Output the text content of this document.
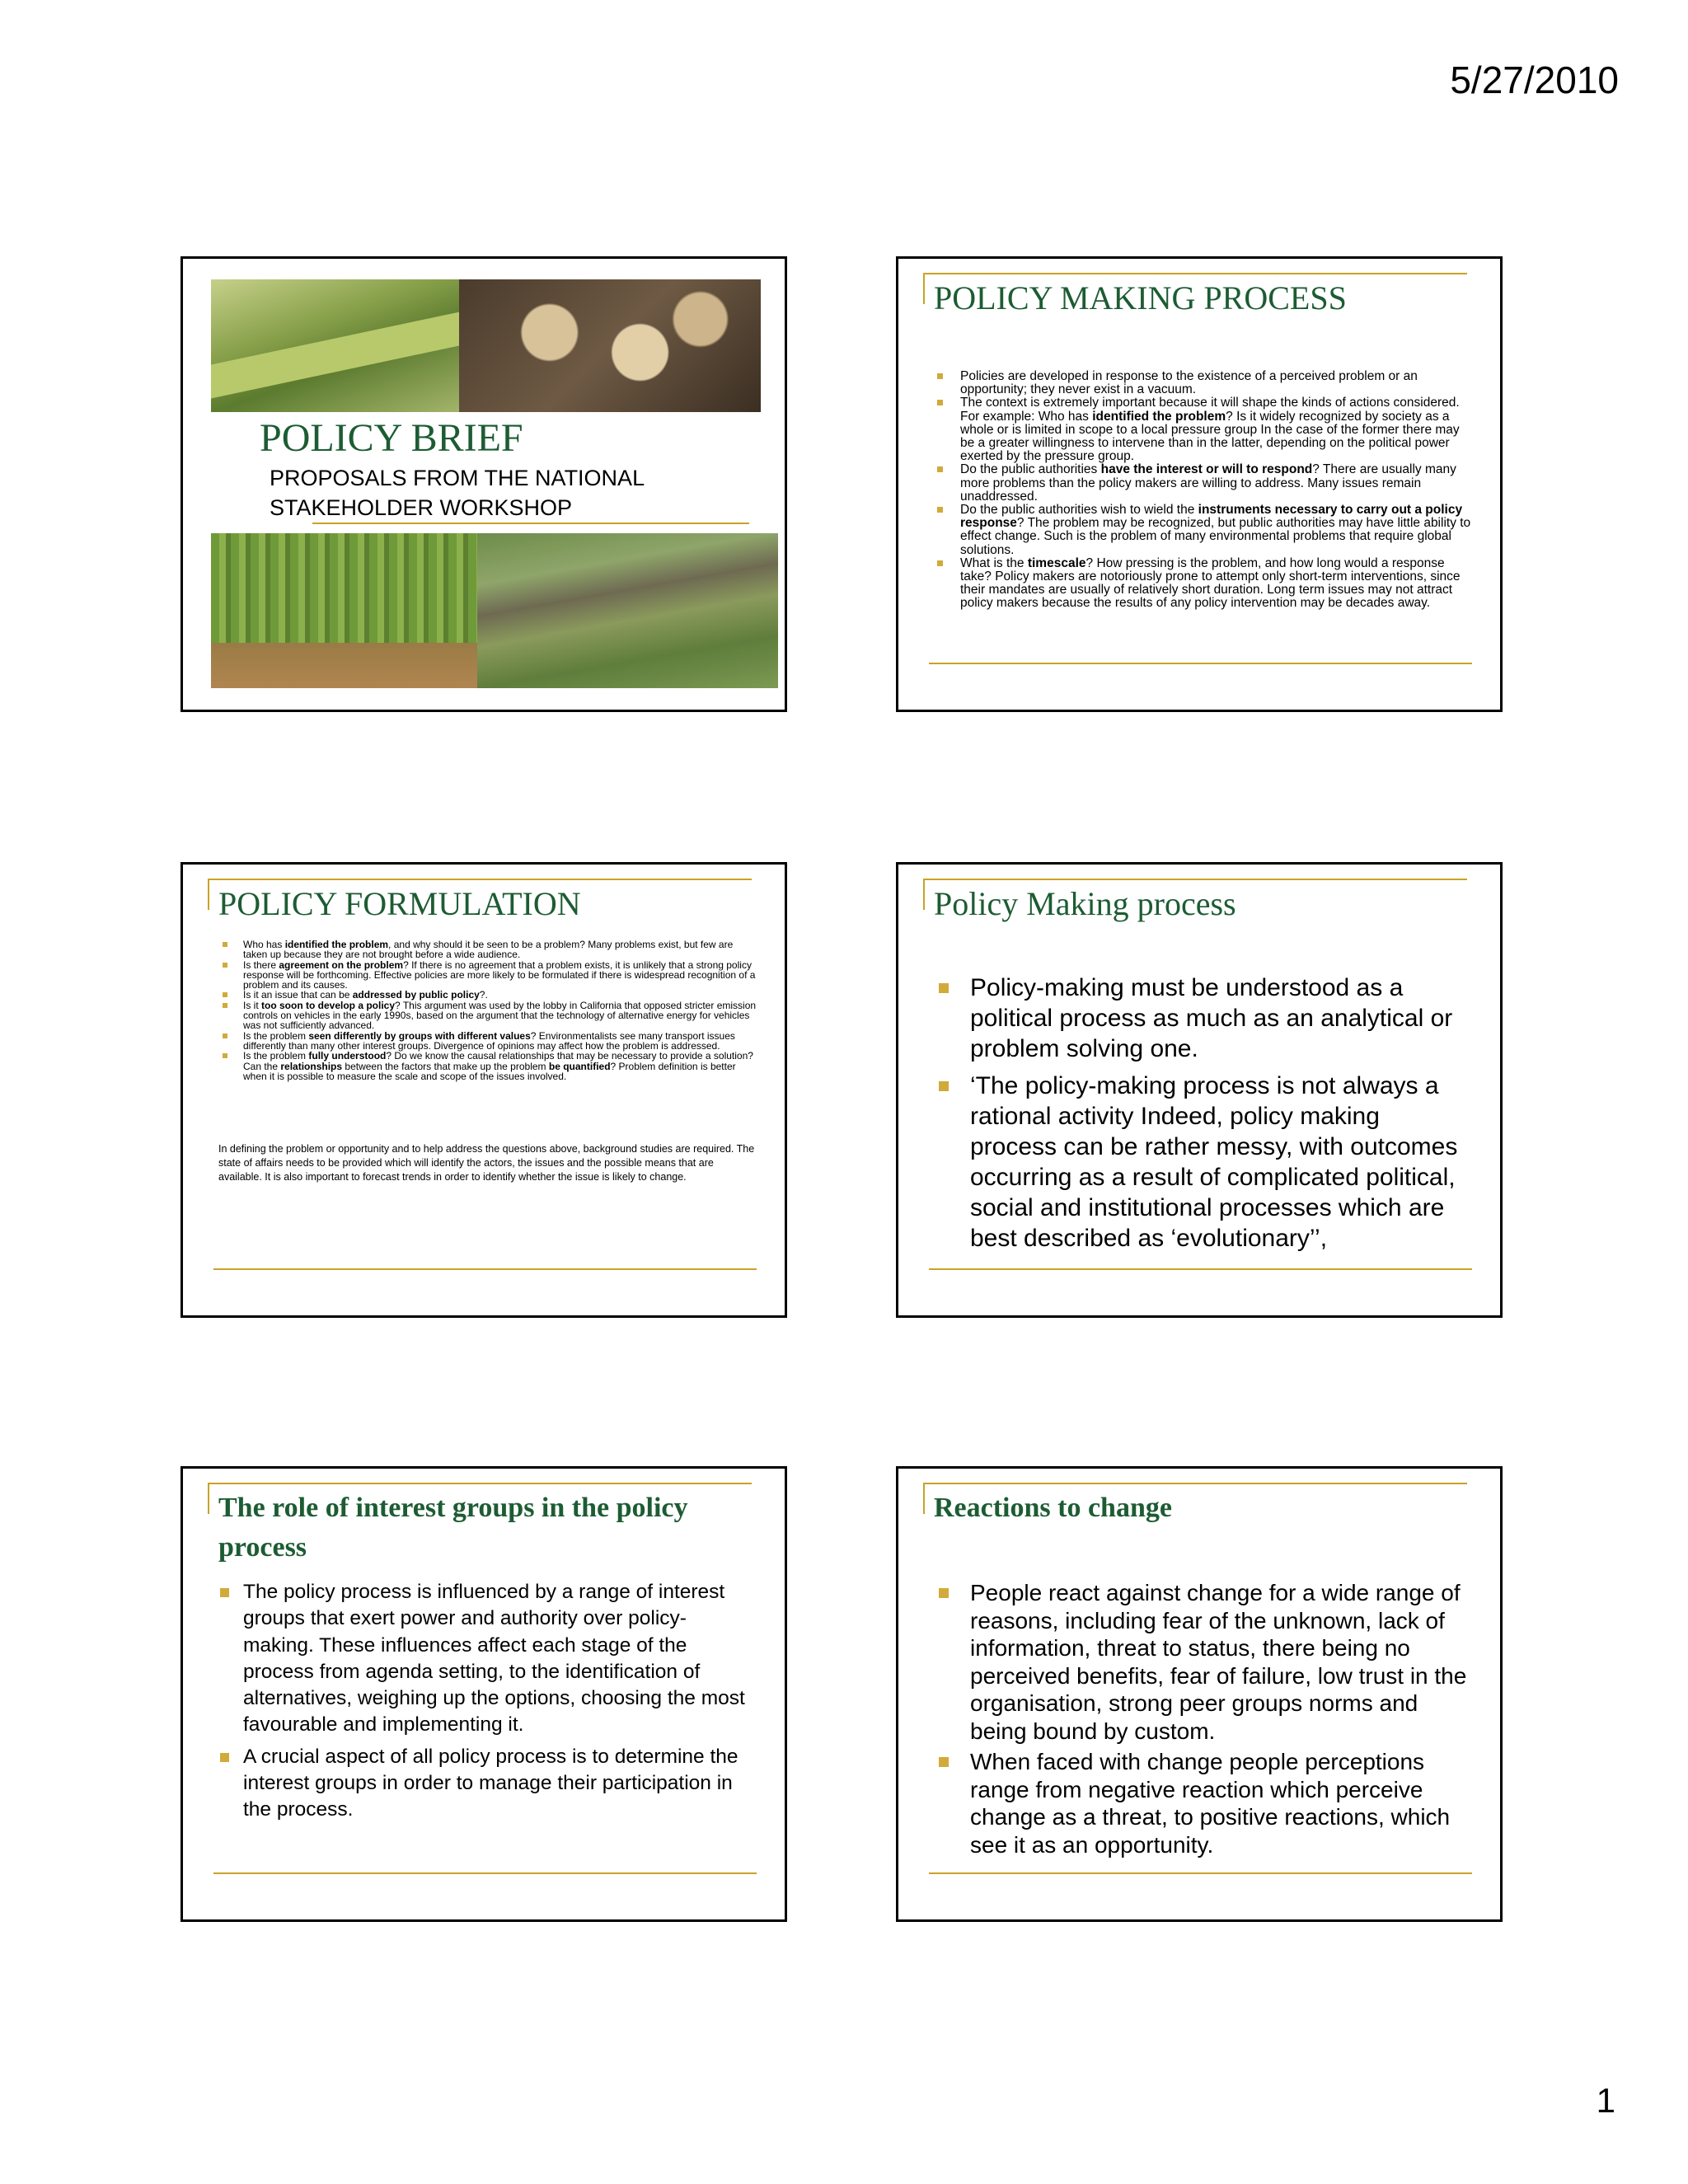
5/27/2010
POLICY BRIEF
PROPOSALS FROM THE NATIONAL
STAKEHOLDER WORKSHOP
POLICY MAKING PROCESS
Policies are developed in response to the existence of a perceived problem or an opportunity; they never exist in a vacuum.
The context is extremely important because it will shape the kinds of actions considered. For example: Who has identified the problem? Is it widely recognized by society as a whole or is limited in scope to a local pressure group In the case of the former there may be a greater willingness to intervene than in the latter, depending on the political power exerted by the pressure group.
Do the public authorities have the interest or will to respond? There are usually many more problems than the policy makers are willing to address. Many issues remain unaddressed.
Do the public authorities wish to wield the instruments necessary to carry out a policy response? The problem may be recognized, but public authorities may have little ability to effect change. Such is the problem of many environmental problems that require global solutions.
What is the timescale? How pressing is the problem, and how long would a response take? Policy makers are notoriously prone to attempt only short-term interventions, since their mandates are usually of relatively short duration. Long term issues may not attract policy makers because the results of any policy intervention may be decades away.
POLICY FORMULATION
Who has identified the problem, and why should it be seen to be a problem? Many problems exist, but few are taken up because they are not brought before a wide audience.
Is there agreement on the problem? If there is no agreement that a problem exists, it is unlikely that a strong policy response will be forthcoming. Effective policies are more likely to be formulated if there is widespread recognition of a problem and its causes.
Is it an issue that can be addressed by public policy?.
Is it too soon to develop a policy? This argument was used by the lobby in California that opposed stricter emission controls on vehicles in the early 1990s, based on the argument that the technology of alternative energy for vehicles was not sufficiently advanced.
Is the problem seen differently by groups with different values? Environmentalists see many transport issues differently than many other interest groups. Divergence of opinions may affect how the problem is addressed.
Is the problem fully understood? Do we know the causal relationships that may be necessary to provide a solution? Can the relationships between the factors that make up the problem be quantified? Problem definition is better when it is possible to measure the scale and scope of the issues involved.
In defining the problem or opportunity and to help address the questions above, background studies are required. The state of affairs needs to be provided which will identify the actors, the issues and the possible means that are available. It is also important to forecast trends in order to identify whether the issue is likely to change.
Policy Making process
Policy-making must be understood as a political process as much as an analytical or problem solving one.
‘The policy-making process is not always a rational activity Indeed, policy making process can be rather messy, with outcomes occurring as a result of complicated political, social and institutional processes which are best described as ‘evolutionary’’,
The role of interest groups in the policy process
The policy process is influenced by a range of interest groups that exert power and authority over policy-making. These influences affect each stage of the process from agenda setting, to the identification of alternatives, weighing up the options, choosing the most favourable and implementing it.
A crucial aspect of all policy process is to determine the interest groups in order to manage their participation in the process.
Reactions to change
People react against change for a wide range of reasons, including fear of the unknown, lack of information, threat to status, there being no perceived benefits, fear of failure, low trust in the organisation, strong peer groups norms and being bound by custom.
When faced with change people perceptions range from negative reaction which perceive change as a threat, to positive reactions, which see it as an opportunity.
1
